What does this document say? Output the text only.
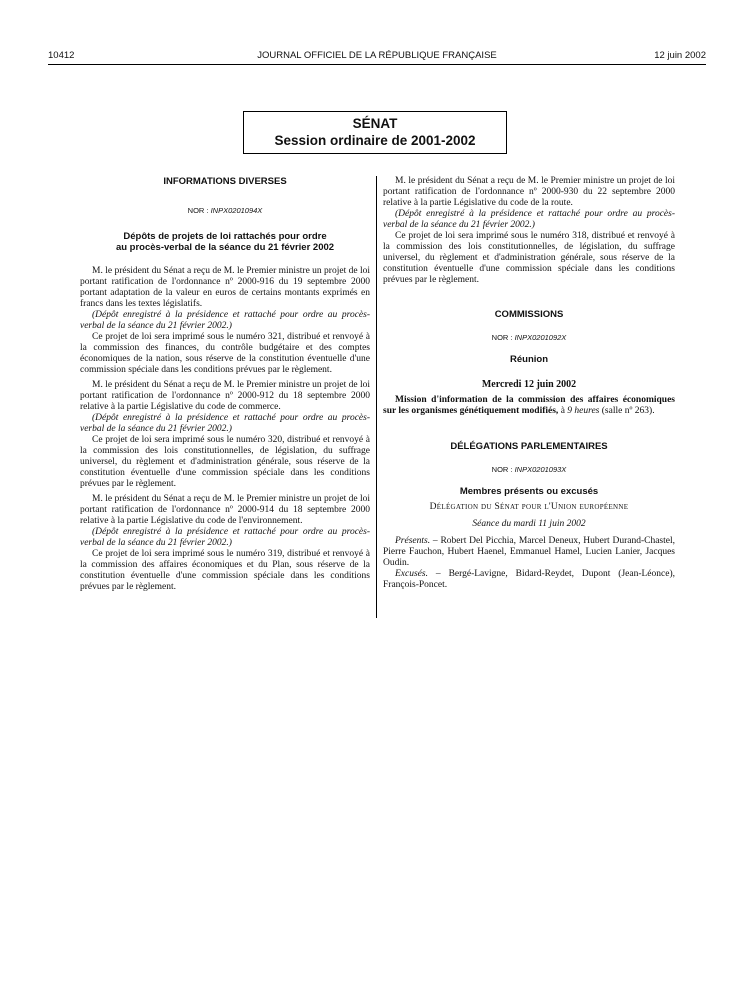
10412	JOURNAL OFFICIEL DE LA RÉPUBLIQUE FRANÇAISE	12 juin 2002
SÉNAT
Session ordinaire de 2001-2002
INFORMATIONS DIVERSES
NOR : INPX0201094X
Dépôts de projets de loi rattachés pour ordre
au procès-verbal de la séance du 21 février 2002

M. le président du Sénat a reçu de M. le Premier ministre un projet de loi portant ratification de l'ordonnance nº 2000-916 du 19 septembre 2000 portant adaptation de la valeur en euros de certains montants exprimés en francs dans les textes législatifs.

(Dépôt enregistré à la présidence et rattaché pour ordre au procès-verbal de la séance du 21 février 2002.)

Ce projet de loi sera imprimé sous le numéro 321, distribué et renvoyé à la commission des finances, du contrôle budgétaire et des comptes économiques de la nation, sous réserve de la constitution éventuelle d'une commission spéciale dans les conditions prévues par le règlement.

M. le président du Sénat a reçu de M. le Premier ministre un projet de loi portant ratification de l'ordonnance nº 2000-912 du 18 septembre 2000 relative à la partie Législative du code de commerce.

(Dépôt enregistré à la présidence et rattaché pour ordre au procès-verbal de la séance du 21 février 2002.)

Ce projet de loi sera imprimé sous le numéro 320, distribué et renvoyé à la commission des lois constitutionnelles, de législation, du suffrage universel, du règlement et d'administration générale, sous réserve de la constitution éventuelle d'une commission spéciale dans les conditions prévues par le règlement.

M. le président du Sénat a reçu de M. le Premier ministre un projet de loi portant ratification de l'ordonnance nº 2000-914 du 18 septembre 2000 relative à la partie Législative du code de l'environnement.

(Dépôt enregistré à la présidence et rattaché pour ordre au procès-verbal de la séance du 21 février 2002.)

Ce projet de loi sera imprimé sous le numéro 319, distribué et renvoyé à la commission des affaires économiques et du Plan, sous réserve de la constitution éventuelle d'une commission spéciale dans les conditions prévues par le règlement.

M. le président du Sénat a reçu de M. le Premier ministre un projet de loi portant ratification de l'ordonnance nº 2000-930 du 22 septembre 2000 relative à la partie Législative du code de la route.

(Dépôt enregistré à la présidence et rattaché pour ordre au procès-verbal de la séance du 21 février 2002.)

Ce projet de loi sera imprimé sous le numéro 318, distribué et renvoyé à la commission des lois constitutionnelles, de législation, du suffrage universel, du règlement et d'administration générale, sous réserve de la constitution éventuelle d'une commission spéciale dans les conditions prévues par le règlement.

COMMISSIONS
NOR : INPX0201092X
Réunion
Mercredi 12 juin 2002

Mission d'information de la commission des affaires économiques sur les organismes génétiquement modifiés, à 9 heures (salle nº 263).

DÉLÉGATIONS PARLEMENTAIRES
NOR : INPX0201093X
Membres présents ou excusés
Délégation du Sénat pour l'Union européenne
Séance du mardi 11 juin 2002

Présents. – Robert Del Picchia, Marcel Deneux, Hubert Durand-Chastel, Pierre Fauchon, Hubert Haenel, Emmanuel Hamel, Lucien Lanier, Jacques Oudin.

Excusés. – Bergé-Lavigne, Bidard-Reydet, Dupont (Jean-Léonce), François-Poncet.
